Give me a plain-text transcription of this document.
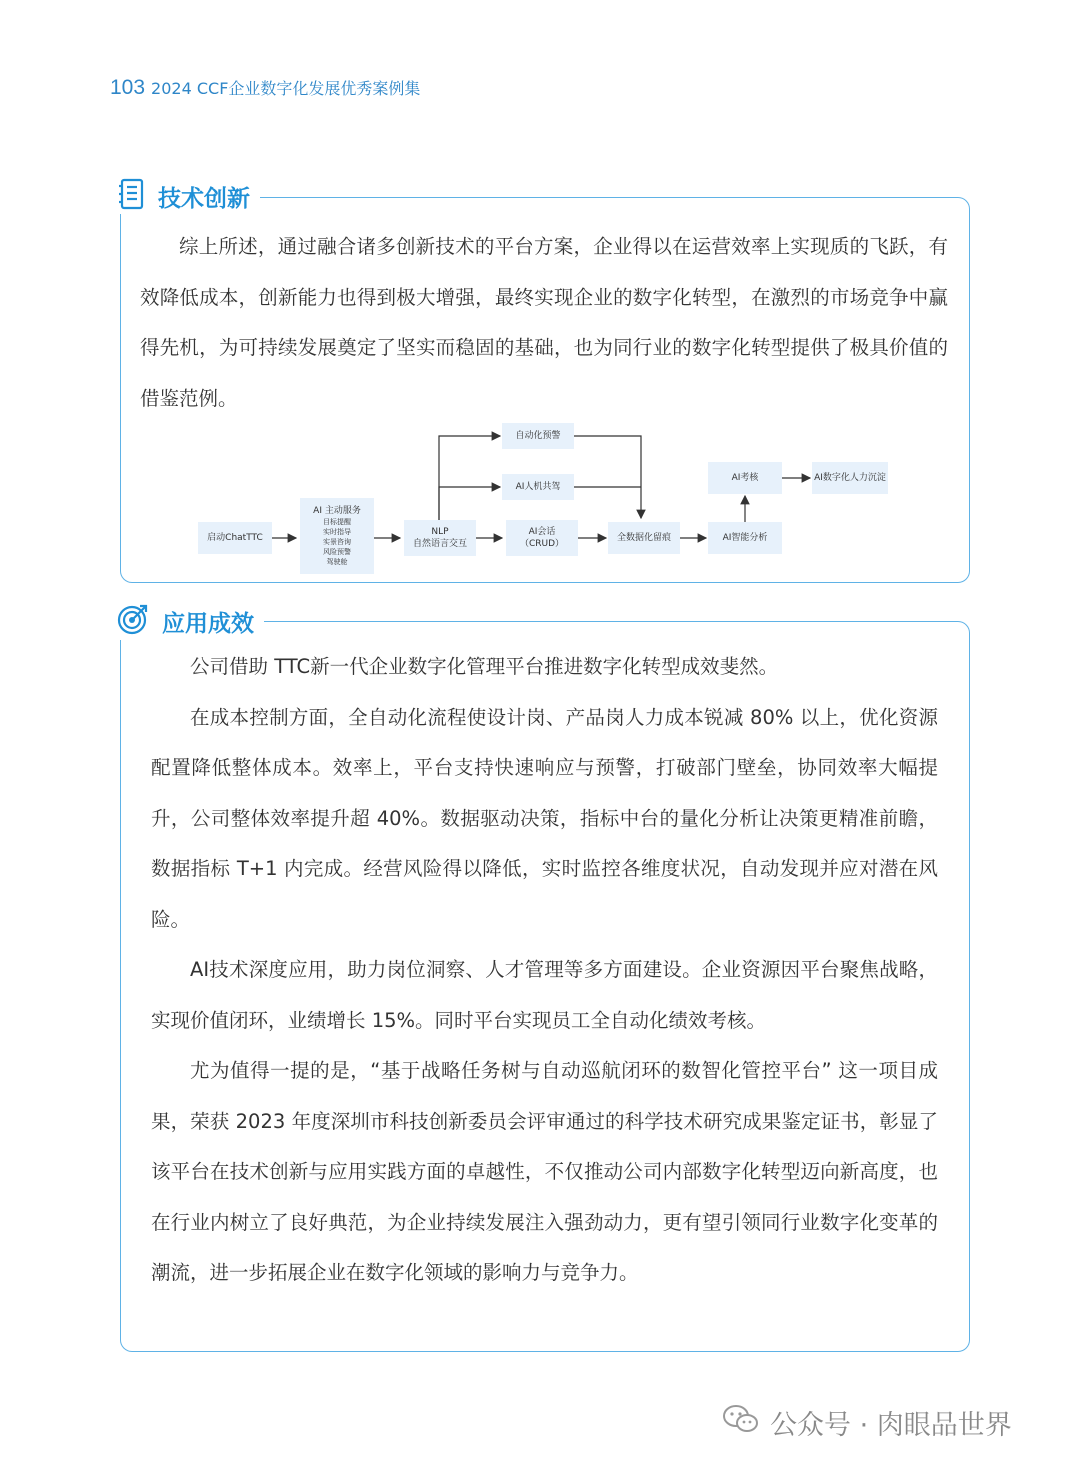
103 2024 CCF企业数字化发展优秀案例集
技术创新

综上所述，通过融合诸多创新技术的平台方案，企业得以在运营效率上实现质的飞跃，有效降低成本，创新能力也得到极大增强，最终实现企业的数字化转型，在激烈的市场竞争中赢得先机，为可持续发展奠定了坚实而稳固的基础，也为同行业的数字化转型提供了极具价值的借鉴范例。

启动ChatTTC
AI 主动服务
目标提醒
实时指导
实景咨询
风险预警
驾驶舱
NLP
自然语言交互
自动化预警
AI人机共驾
AI会话
（CRUD）
全数据化留痕	AI智能分析
AI考核	AI数字化人力沉淀
应用成效

公司借助 TTC新一代企业数字化管理平台推进数字化转型成效斐然。

在成本控制方面，全自动化流程使设计岗、产品岗人力成本锐减 80% 以上，优化资源配置降低整体成本。效率上，平台支持快速响应与预警，打破部门壁垒，协同效率大幅提升，公司整体效率提升超 40%。数据驱动决策，指标中台的量化分析让决策更精准前瞻，数据指标 T+1 内完成。经营风险得以降低，实时监控各维度状况，自动发现并应对潜在风险。

AI技术深度应用，助力岗位洞察、人才管理等多方面建设。企业资源因平台聚焦战略，实现价值闭环，业绩增长 15%。同时平台实现员工全自动化绩效考核。

尤为值得一提的是，“基于战略任务树与自动巡航闭环的数智化管控平台” 这一项目成果，荣获 2023 年度深圳市科技创新委员会评审通过的科学技术研究成果鉴定证书，彰显了该平台在技术创新与应用实践方面的卓越性，不仅推动公司内部数字化转型迈向新高度，也在行业内树立了良好典范，为企业持续发展注入强劲动力，更有望引领同行业数字化变革的潮流，进一步拓展企业在数字化领域的影响力与竞争力。

公众号 · 肉眼品世界
